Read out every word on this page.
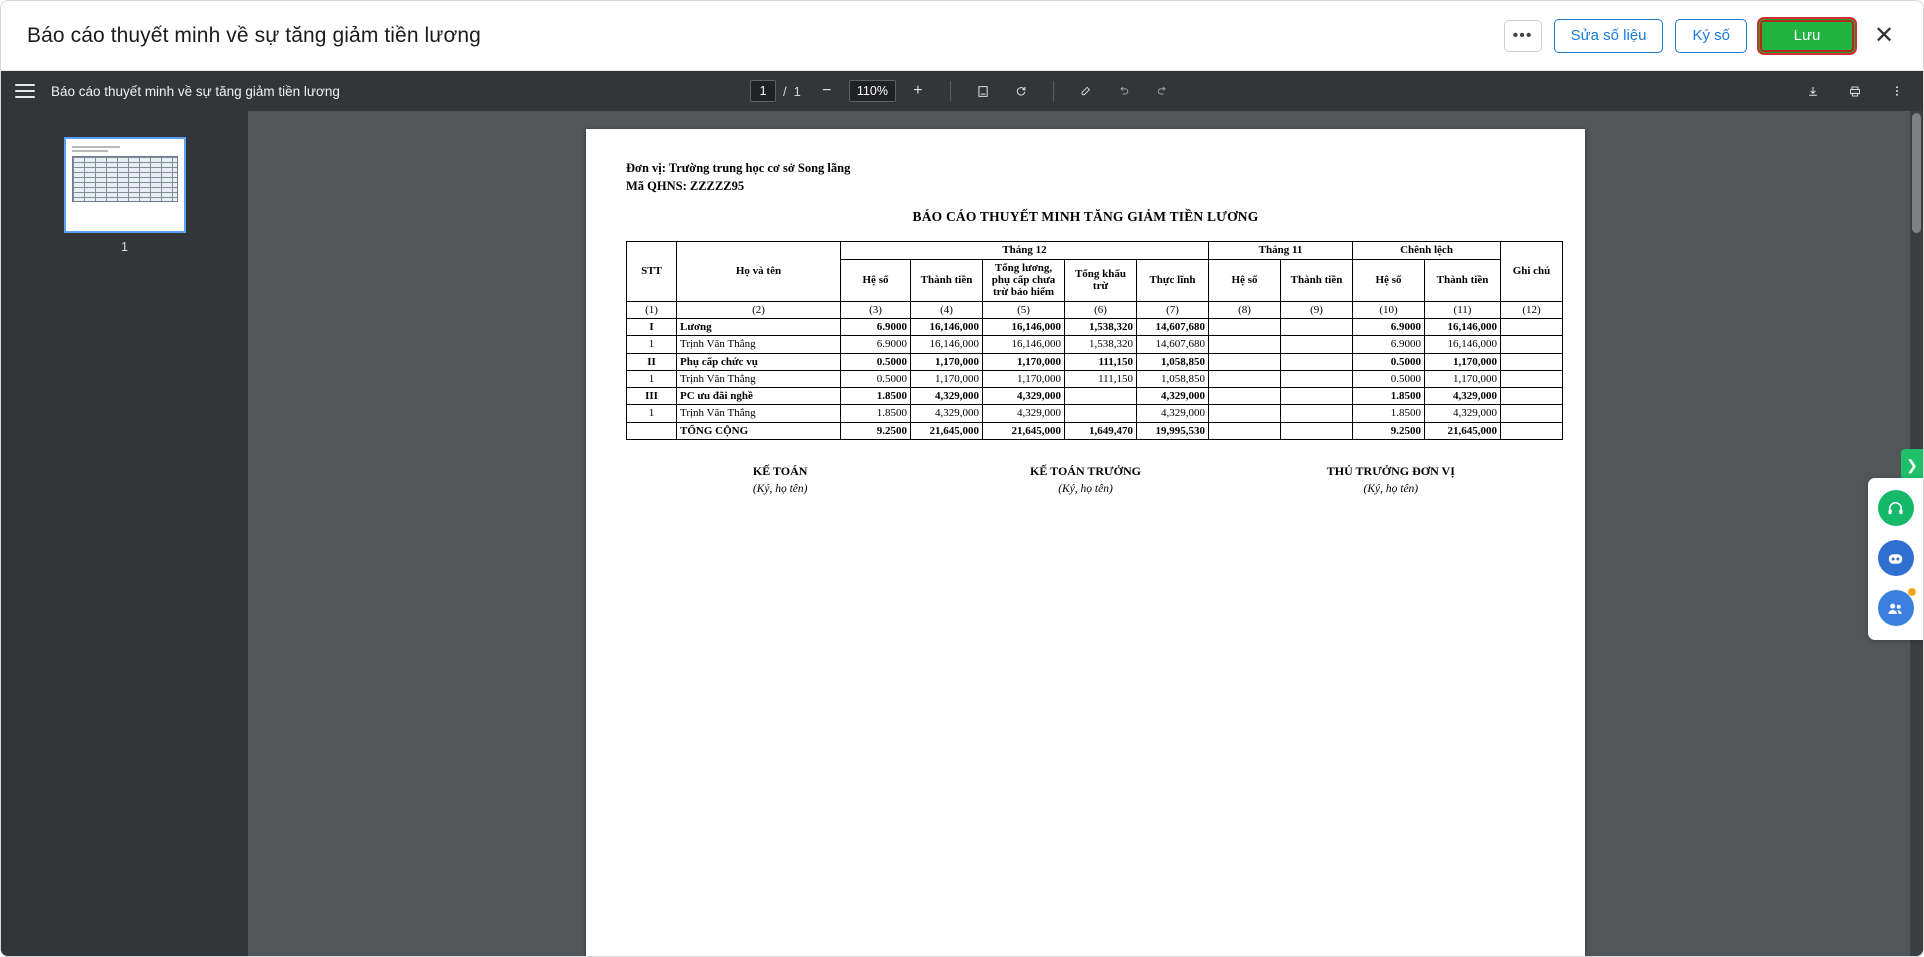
Báo cáo thuyết minh về sự tăng giảm tiền lương	•••	Sửa số liệu	Ký số	Lưu	✕
Báo cáo thuyết minh về sự tăng giảm tiền lương
1	/ 1	−	110%	+
1
Đơn vị: Trường trung học cơ sở Song lãng
Mã QHNS: ZZZZZ95
BÁO CÁO THUYẾT MINH TĂNG GIẢM TIỀN LƯƠNG
STT	Họ và tên	Tháng 12					Tháng 11		Chênh lệch		Ghi chú
		Hệ số	Thành tiền	Tổng lương, phụ cấp chưa trừ bảo hiểm	Tổng khấu trừ	Thực lĩnh	Hệ số	Thành tiền	Hệ số	Thành tiền	
(1)	(2)	(3)	(4)	(5)	(6)	(7)	(8)	(9)	(10)	(11)	(12)
I	Lương	6.9000	16,146,000	16,146,000	1,538,320	14,607,680			6.9000	16,146,000	
1	Trịnh Văn Thắng	6.9000	16,146,000	16,146,000	1,538,320	14,607,680			6.9000	16,146,000	
II	Phụ cấp chức vụ	0.5000	1,170,000	1,170,000	111,150	1,058,850			0.5000	1,170,000	
1	Trịnh Văn Thắng	0.5000	1,170,000	1,170,000	111,150	1,058,850			0.5000	1,170,000	
III	PC ưu đãi nghề	1.8500	4,329,000	4,329,000		4,329,000			1.8500	4,329,000	
1	Trịnh Văn Thắng	1.8500	4,329,000	4,329,000		4,329,000			1.8500	4,329,000	
	TỔNG CỘNG	9.2500	21,645,000	21,645,000	1,649,470	19,995,530			9.2500	21,645,000	
KẾ TOÁN
(Ký, họ tên)
KẾ TOÁN TRƯỞNG
(Ký, họ tên)
THỦ TRƯỞNG ĐƠN VỊ
(Ký, họ tên)
❯
